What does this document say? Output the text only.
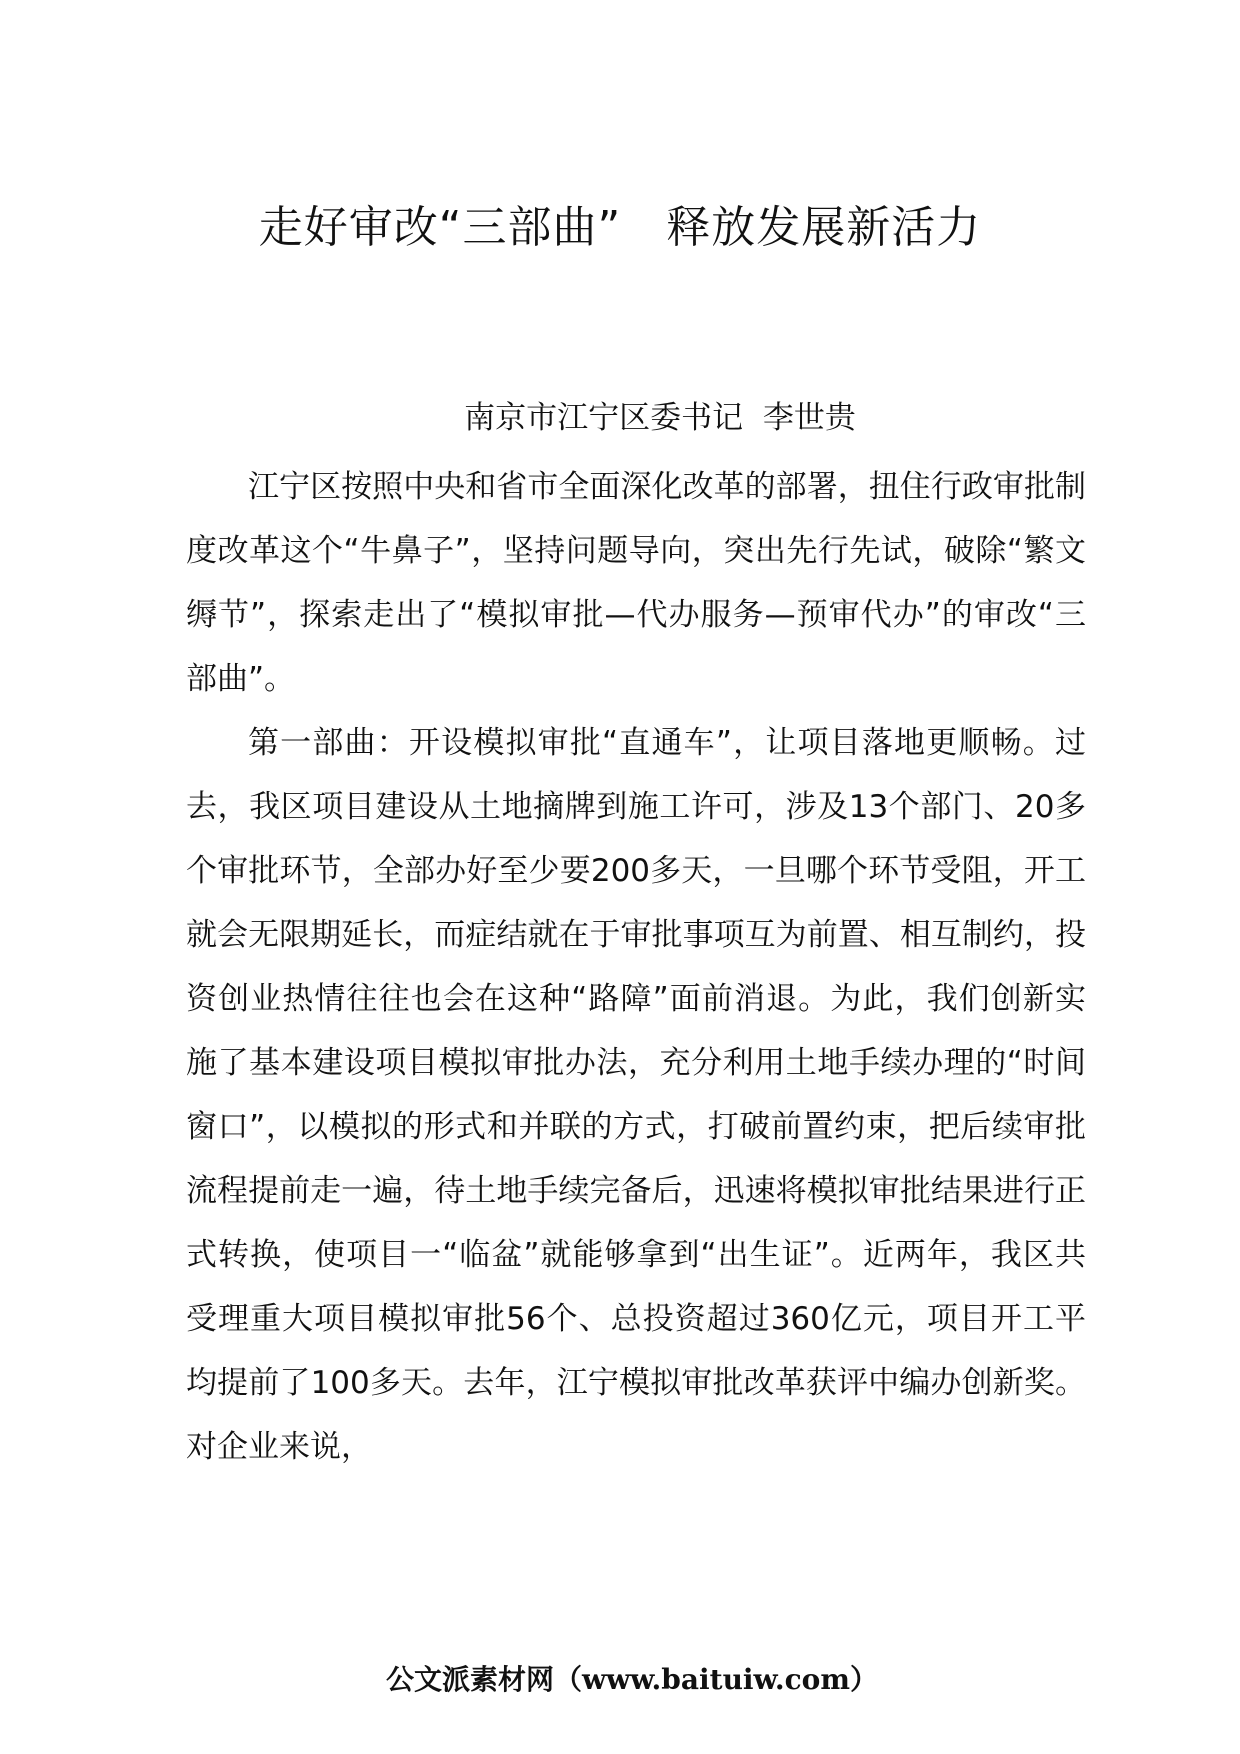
走好审改“三部曲”   释放发展新活力
南京市江宁区委书记  李世贵

江宁区按照中央和省市全面深化改革的部署，扭住行政审批制度改革这个“牛鼻子”，坚持问题导向，突出先行先试，破除“繁文缛节”，探索走出了“模拟审批—代办服务—预审代办”的审改“三部曲”。

第一部曲：开设模拟审批“直通车”，让项目落地更顺畅。过去，我区项目建设从土地摘牌到施工许可，涉及13个部门、20多个审批环节，全部办好至少要200多天，一旦哪个环节受阻，开工就会无限期延长，而症结就在于审批事项互为前置、相互制约，投资创业热情往往也会在这种“路障”面前消退。为此，我们创新实施了基本建设项目模拟审批办法，充分利用土地手续办理的“时间窗口”，以模拟的形式和并联的方式，打破前置约束，把后续审批流程提前走一遍，待土地手续完备后，迅速将模拟审批结果进行正式转换，使项目一“临盆”就能够拿到“出生证”。近两年，我区共受理重大项目模拟审批56个、总投资超过360亿元，项目开工平均提前了100多天。去年，江宁模拟审批改革获评中编办创新奖。对企业来说，

公文派素材网（www.baituiw.com）
